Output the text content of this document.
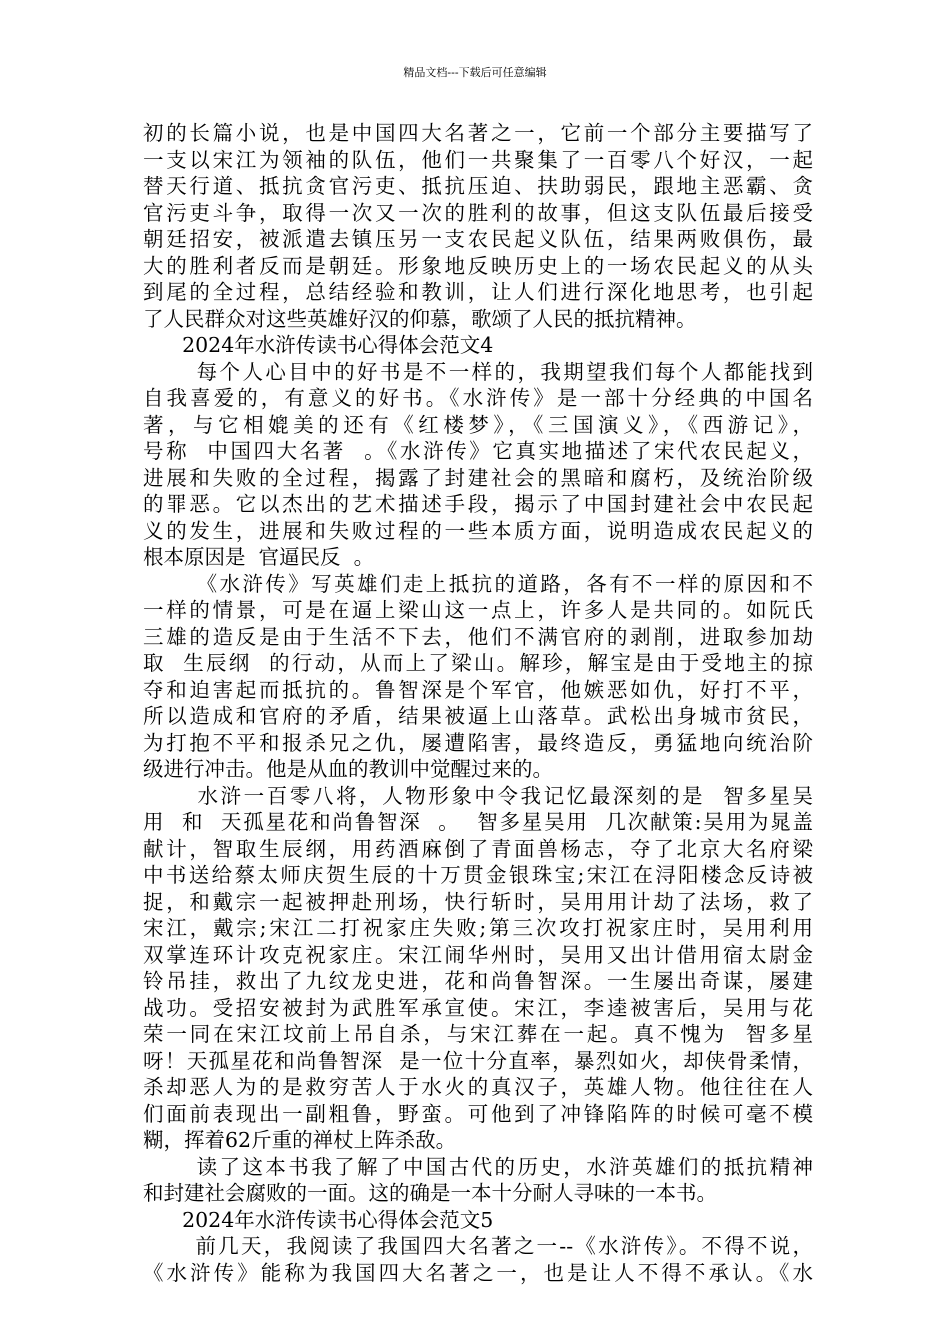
精品文档---下载后可任意编辑
初的长篇小说，也是中国四大名著之一，它前一个部分主要描写了
一支以宋江为领袖的队伍，他们一共聚集了一百零八个好汉，一起
替天行道、抵抗贪官污吏、抵抗压迫、扶助弱民，跟地主恶霸、贪
官污吏斗争，取得一次又一次的胜利的故事，但这支队伍最后接受
朝廷招安，被派遣去镇压另一支农民起义队伍，结果两败俱伤，最
大的胜利者反而是朝廷。形象地反映历史上的一场农民起义的从头
到尾的全过程，总结经验和教训，让人们进行深化地思考，也引起
了人民群众对这些英雄好汉的仰慕，歌颂了人民的抵抗精神。
2024年水浒传读书心得体会范文4
每个人心目中的好书是不一样的，我期望我们每个人都能找到
自我喜爱的，有意义的好书。《水浒传》是一部十分经典的中国名
著，与它相媲美的还有《红楼梦》，《三国演义》，《西游记》，
号称  中国四大名著  。《水浒传》它真实地描述了宋代农民起义，
进展和失败的全过程，揭露了封建社会的黑暗和腐朽，及统治阶级
的罪恶。它以杰出的艺术描述手段，揭示了中国封建社会中农民起
义的发生，进展和失败过程的一些本质方面，说明造成农民起义的
根本原因是  官逼民反  。
《水浒传》写英雄们走上抵抗的道路，各有不一样的原因和不
一样的情景，可是在逼上梁山这一点上，许多人是共同的。如阮氏
三雄的造反是由于生活不下去，他们不满官府的剥削，进取参加劫
取  生辰纲  的行动，从而上了梁山。解珍，解宝是由于受地主的掠
夺和迫害起而抵抗的。鲁智深是个军官，他嫉恶如仇，好打不平，
所以造成和官府的矛盾，结果被逼上山落草。武松出身城市贫民，
为打抱不平和报杀兄之仇，屡遭陷害，最终造反，勇猛地向统治阶
级进行冲击。他是从血的教训中觉醒过来的。
水浒一百零八将，人物形象中令我记忆最深刻的是  智多星吴
用  和  天孤星花和尚鲁智深  。  智多星吴用  几次献策:吴用为晁盖
献计，智取生辰纲，用药酒麻倒了青面兽杨志，夺了北京大名府梁
中书送给蔡太师庆贺生辰的十万贯金银珠宝;宋江在浔阳楼念反诗被
捉，和戴宗一起被押赴刑场，快行斩时，吴用用计劫了法场，救了
宋江，戴宗;宋江二打祝家庄失败;第三次攻打祝家庄时，吴用利用
双掌连环计攻克祝家庄。宋江闹华州时，吴用又出计借用宿太尉金
铃吊挂，救出了九纹龙史进，花和尚鲁智深。一生屡出奇谋，屡建
战功。受招安被封为武胜军承宣使。宋江，李逵被害后，吴用与花
荣一同在宋江坟前上吊自杀，与宋江葬在一起。真不愧为  智多星
呀！天孤星花和尚鲁智深  是一位十分直率，暴烈如火，却侠骨柔情，
杀却恶人为的是救穷苦人于水火的真汉子，英雄人物。他往往在人
们面前表现出一副粗鲁，野蛮。可他到了冲锋陷阵的时候可毫不模
糊，挥着62斤重的禅杖上阵杀敌。
读了这本书我了解了中国古代的历史，水浒英雄们的抵抗精神
和封建社会腐败的一面。这的确是一本十分耐人寻味的一本书。
2024年水浒传读书心得体会范文5
前几天，我阅读了我国四大名著之一--《水浒传》。不得不说，
《水浒传》能称为我国四大名著之一，也是让人不得不承认。《水
